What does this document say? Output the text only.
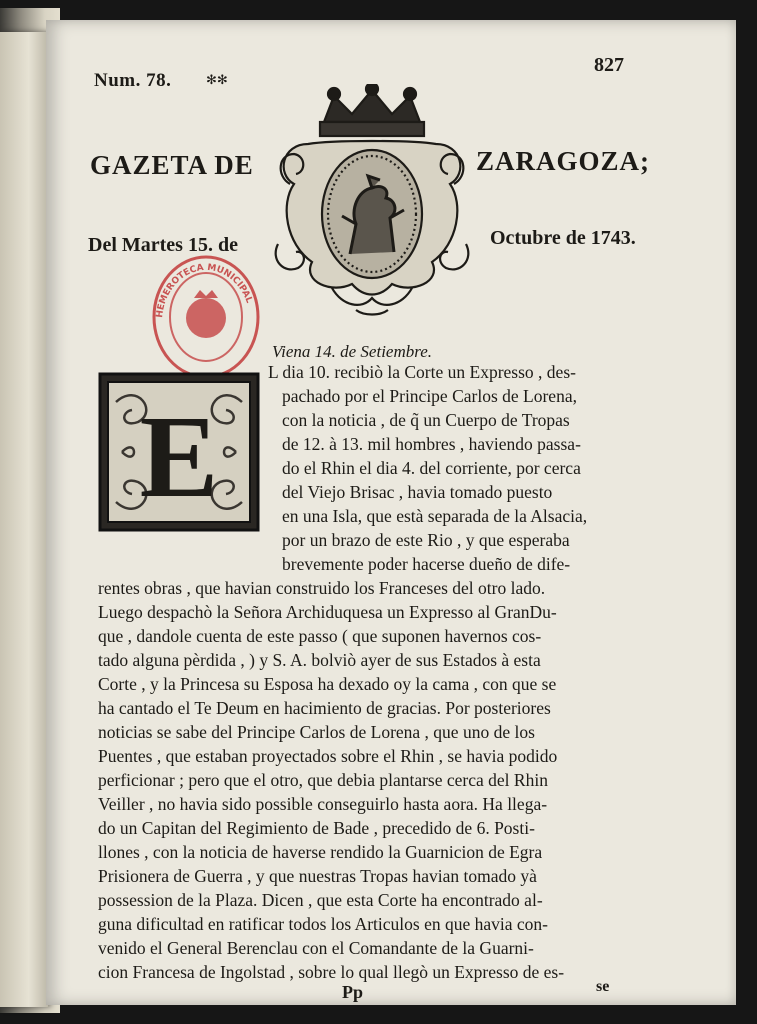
Num. 78.	✻✻
827
GAZETA DE	ZARAGOZA;
Del Martes 15. de	Octubre de 1743.
HEMEROTECA MUNICIPAL
Viena 14. de Setiembre.
E
L dia 10. recibiò la Corte un Expresso , des-
pachado por el Principe Carlos de Lorena,
con la noticia , de q̃ un Cuerpo de Tropas
de 12. à 13. mil hombres , haviendo passa-
do el Rhin el dia 4. del corriente, por cerca
del Viejo Brisac , havia tomado puesto
en una Isla, que està separada de la Alsacia,
por un brazo de este Rio , y que esperaba
brevemente poder hacerse dueño de dife-
rentes obras , que havian construido los Franceses del otro lado.
Luego despachò la Señora Archiduquesa un Expresso al GranDu-
que , dandole cuenta de este passo ( que suponen havernos cos-
tado alguna pèrdida , ) y S. A. bolviò ayer de sus Estados à esta
Corte , y la Princesa su Esposa ha dexado oy la cama , con que se
ha cantado el Te Deum en hacimiento de gracias. Por posteriores
noticias se sabe del Principe Carlos de Lorena , que uno de los
Puentes , que estaban proyectados sobre el Rhin , se havia podido
perficionar ; pero que el otro, que debia plantarse cerca del Rhin
Veiller , no havia sido possible conseguirlo hasta aora. Ha llega-
do un Capitan del Regimiento de Bade , precedido de 6. Posti-
llones , con la noticia de haverse rendido la Guarnicion de Egra
Prisionera de Guerra , y que nuestras Tropas havian tomado yà
possession de la Plaza. Dicen , que esta Corte ha encontrado al-
guna dificultad en ratificar todos los Articulos en que havia con-
venido el General Berenclau con el Comandante de la Guarni-
cion Francesa de Ingolstad , sobre lo qual llegò un Expresso de es-
Pp	se
